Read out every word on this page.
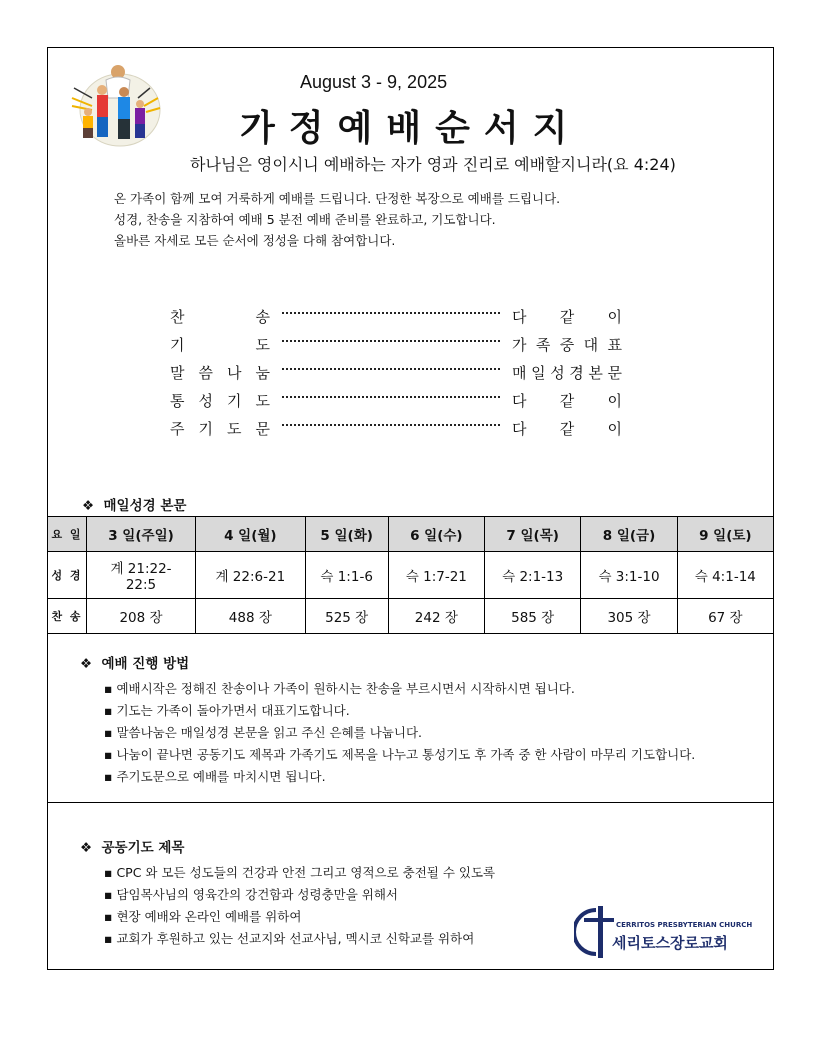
August 3 - 9, 2025
가정예배순서지
하나님은 영이시니 예배하는 자가 영과 진리로 예배할지니라(요 4:24)
온 가족이 함께 모여 거룩하게 예배를 드립니다. 단정한 복장으로 예배를 드립니다.
성경, 찬송을 지참하여 예배 5 분전 예배 준비를 완료하고, 기도합니다.
올바른 자세로 모든 순서에 정성을 다해 참여합니다.
찬	송	다 같 이
기	도	가 족 중 대 표
말 씀 나 눔	매 일 성 경 본 문
통 성 기 도	다 같 이
주 기 도 문	다 같 이
❖ 매일성경 본문
요 일	3 일(주일)	4 일(월)	5 일(화)	6 일(수)	7 일(목)	8 일(금)	9 일(토)
성 경	계 21:22-22:5	계 22:6-21	슥 1:1-6	슥 1:7-21	슥 2:1-13	슥 3:1-10	슥 4:1-14
찬 송	208 장	488 장	525 장	242 장	585 장	305 장	67 장
❖ 예배 진행 방법
▪ 예배시작은 정해진 찬송이나 가족이 원하시는 찬송을 부르시면서 시작하시면 됩니다.
▪ 기도는 가족이 돌아가면서 대표기도합니다.
▪ 말씀나눔은 매일성경 본문을 읽고 주신 은혜를 나눕니다.
▪ 나눔이 끝나면 공동기도 제목과 가족기도 제목을 나누고 통성기도 후 가족 중 한 사람이 마무리 기도합니다.
▪ 주기도문으로 예배를 마치시면 됩니다.
❖ 공동기도 제목
▪ CPC 와 모든 성도들의 건강과 안전 그리고 영적으로 충전될 수 있도록
▪ 담임목사님의 영육간의 강건함과 성령충만을 위해서
▪ 현장 예배와 온라인 예배를 위하여
▪ 교회가 후원하고 있는 선교지와 선교사님, 멕시코 신학교를 위하여
CERRITOS PRESBYTERIAN CHURCH
세리토스장로교회
